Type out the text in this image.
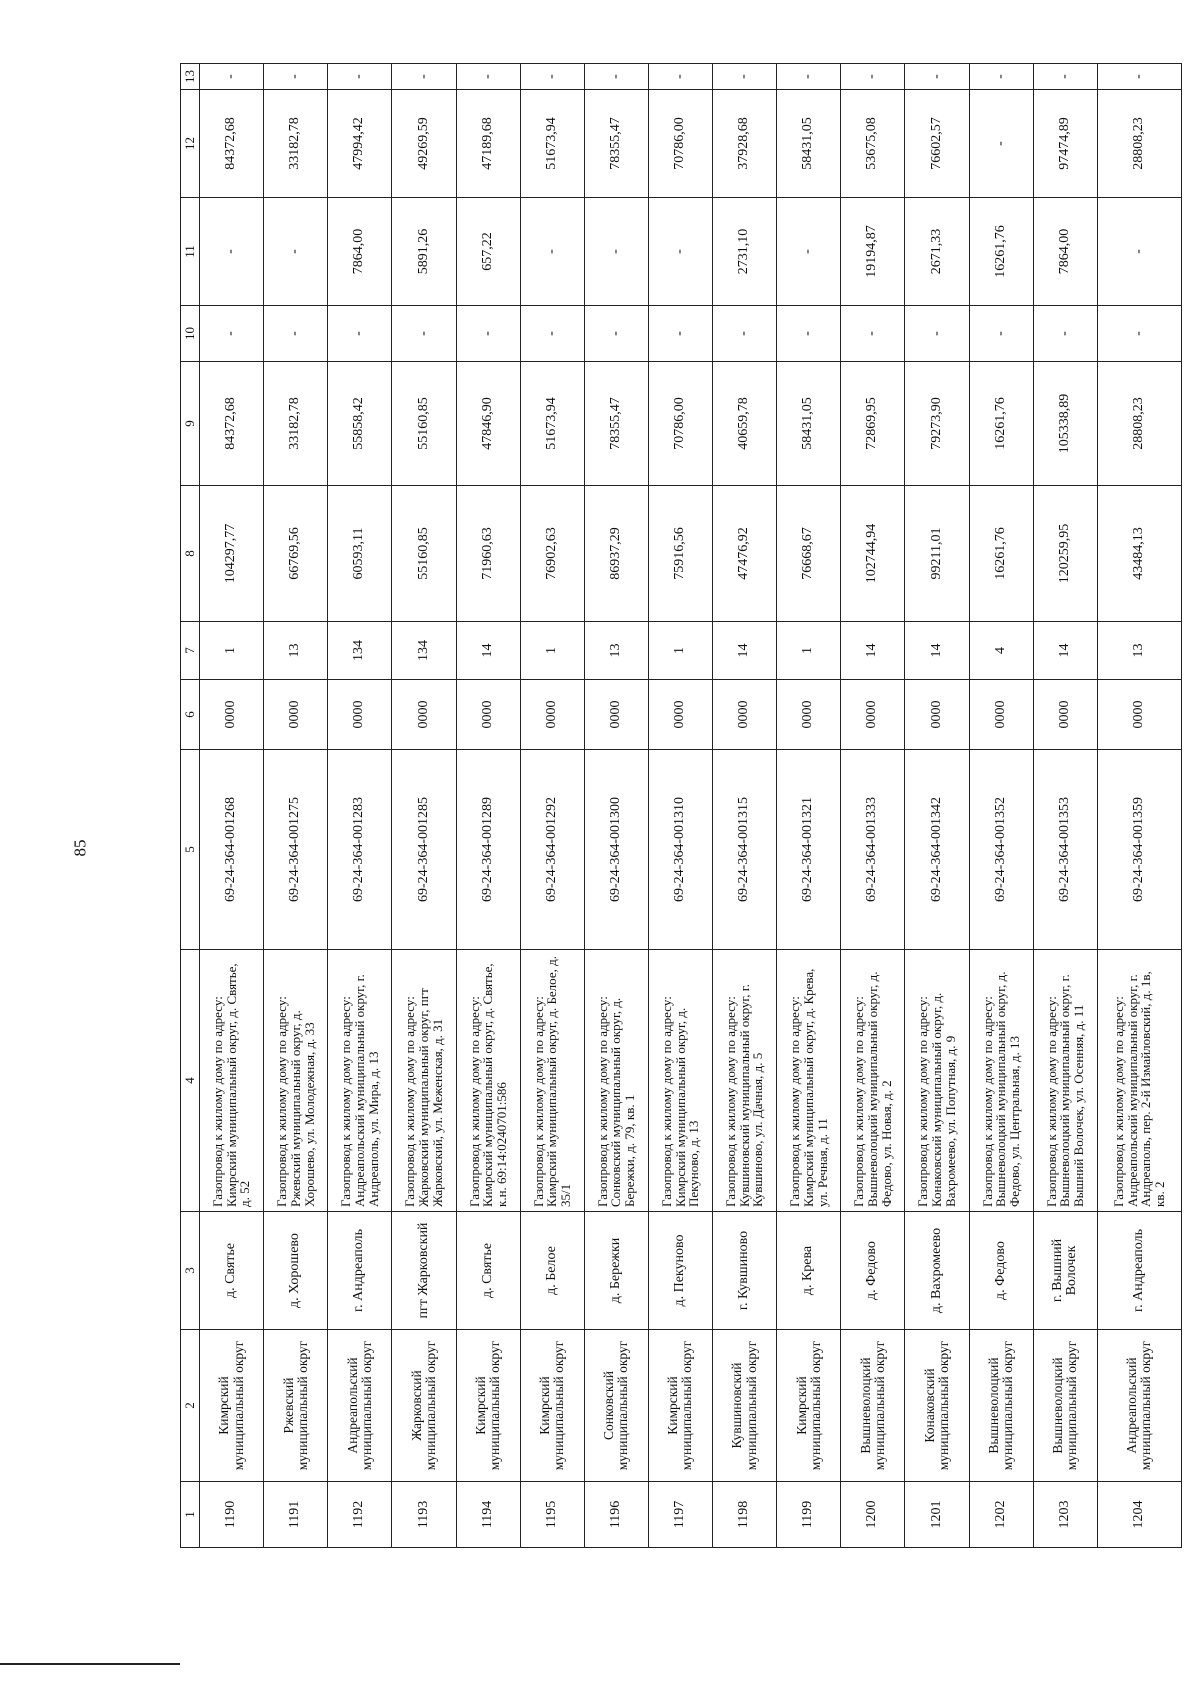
85
1	2	3	4	5	6	7	8	9	10	11	12	13
1190	Кимрский муниципальный округ	д. Святье	Газопровод к жилому дому по адресу: Кимрский муниципальный округ, д. Святье, д. 52	69-24-364-001268	0000	1	104297,77	84372,68	-	-	84372,68	-
1191	Ржевский муниципальный округ	д. Хорошево	Газопровод к жилому дому по адресу: Ржевский муниципальный округ, д. Хорошево, ул. Молодежная, д. 33	69-24-364-001275	0000	13	66769,56	33182,78	-	-	33182,78	-
1192	Андреапольский муниципальный округ	г. Андреаполь	Газопровод к жилому дому по адресу: Андреапольский муниципальный округ, г. Андреаполь, ул. Мира, д. 13	69-24-364-001283	0000	134	60593,11	55858,42	-	7864,00	47994,42	-
1193	Жарковский муниципальный округ	пгт Жарковский	Газопровод к жилому дому по адресу: Жарковский муниципальный округ, пгт Жарковский, ул. Меженская, д. 31	69-24-364-001285	0000	134	55160,85	55160,85	-	5891,26	49269,59	-
1194	Кимрский муниципальный округ	д. Святье	Газопровод к жилому дому по адресу: Кимрский муниципальный округ, д. Святье, к.н. 69:14:0240701:586	69-24-364-001289	0000	14	71960,63	47846,90	-	657,22	47189,68	-
1195	Кимрский муниципальный округ	д. Белое	Газопровод к жилому дому по адресу: Кимрский муниципальный округ, д. Белое, д. 35/1	69-24-364-001292	0000	1	76902,63	51673,94	-	-	51673,94	-
1196	Сонковский муниципальный округ	д. Бережки	Газопровод к жилому дому по адресу: Сонковский муниципальный округ, д. Бережки, д. 79, кв. 1	69-24-364-001300	0000	13	86937,29	78355,47	-	-	78355,47	-
1197	Кимрский муниципальный округ	д. Пекуново	Газопровод к жилому дому по адресу: Кимрский муниципальный округ, д. Пекуново, д. 13	69-24-364-001310	0000	1	75916,56	70786,00	-	-	70786,00	-
1198	Кувшиновский муниципальный округ	г. Кувшиново	Газопровод к жилому дому по адресу: Кувшиновский муниципальный округ, г. Кувшиново, ул. Дачная, д. 5	69-24-364-001315	0000	14	47476,92	40659,78	-	2731,10	37928,68	-
1199	Кимрский муниципальный округ	д. Крева	Газопровод к жилому дому по адресу: Кимрский муниципальный округ, д. Крева, ул. Речная, д. 11	69-24-364-001321	0000	1	76668,67	58431,05	-	-	58431,05	-
1200	Вышневолоцкий муниципальный округ	д. Федово	Газопровод к жилому дому по адресу: Вышневолоцкий муниципальный округ, д. Федово, ул. Новая, д. 2	69-24-364-001333	0000	14	102744,94	72869,95	-	19194,87	53675,08	-
1201	Конаковский муниципальный округ	д. Вахромеево	Газопровод к жилому дому по адресу: Конаковский муниципальный округ, д. Вахромеево, ул. Попутная, д. 9	69-24-364-001342	0000	14	99211,01	79273,90	-	2671,33	76602,57	-
1202	Вышневолоцкий муниципальный округ	д. Федово	Газопровод к жилому дому по адресу: Вышневолоцкий муниципальный округ, д. Федово, ул. Центральная, д. 13	69-24-364-001352	0000	4	16261,76	16261,76	-	16261,76	-	-
1203	Вышневолоцкий муниципальный округ	г. Вышний Волочек	Газопровод к жилому дому по адресу: Вышневолоцкий муниципальный округ, г. Вышний Волочек, ул. Осенняя, д. 11	69-24-364-001353	0000	14	120259,95	105338,89	-	7864,00	97474,89	-
1204	Андреапольский муниципальный округ	г. Андреаполь	Газопровод к жилому дому по адресу: Андреапольский муниципальный округ, г. Андреаполь, пер. 2-й Измайловский, д. 1в, кв. 2	69-24-364-001359	0000	13	43484,13	28808,23	-	-	28808,23	-
